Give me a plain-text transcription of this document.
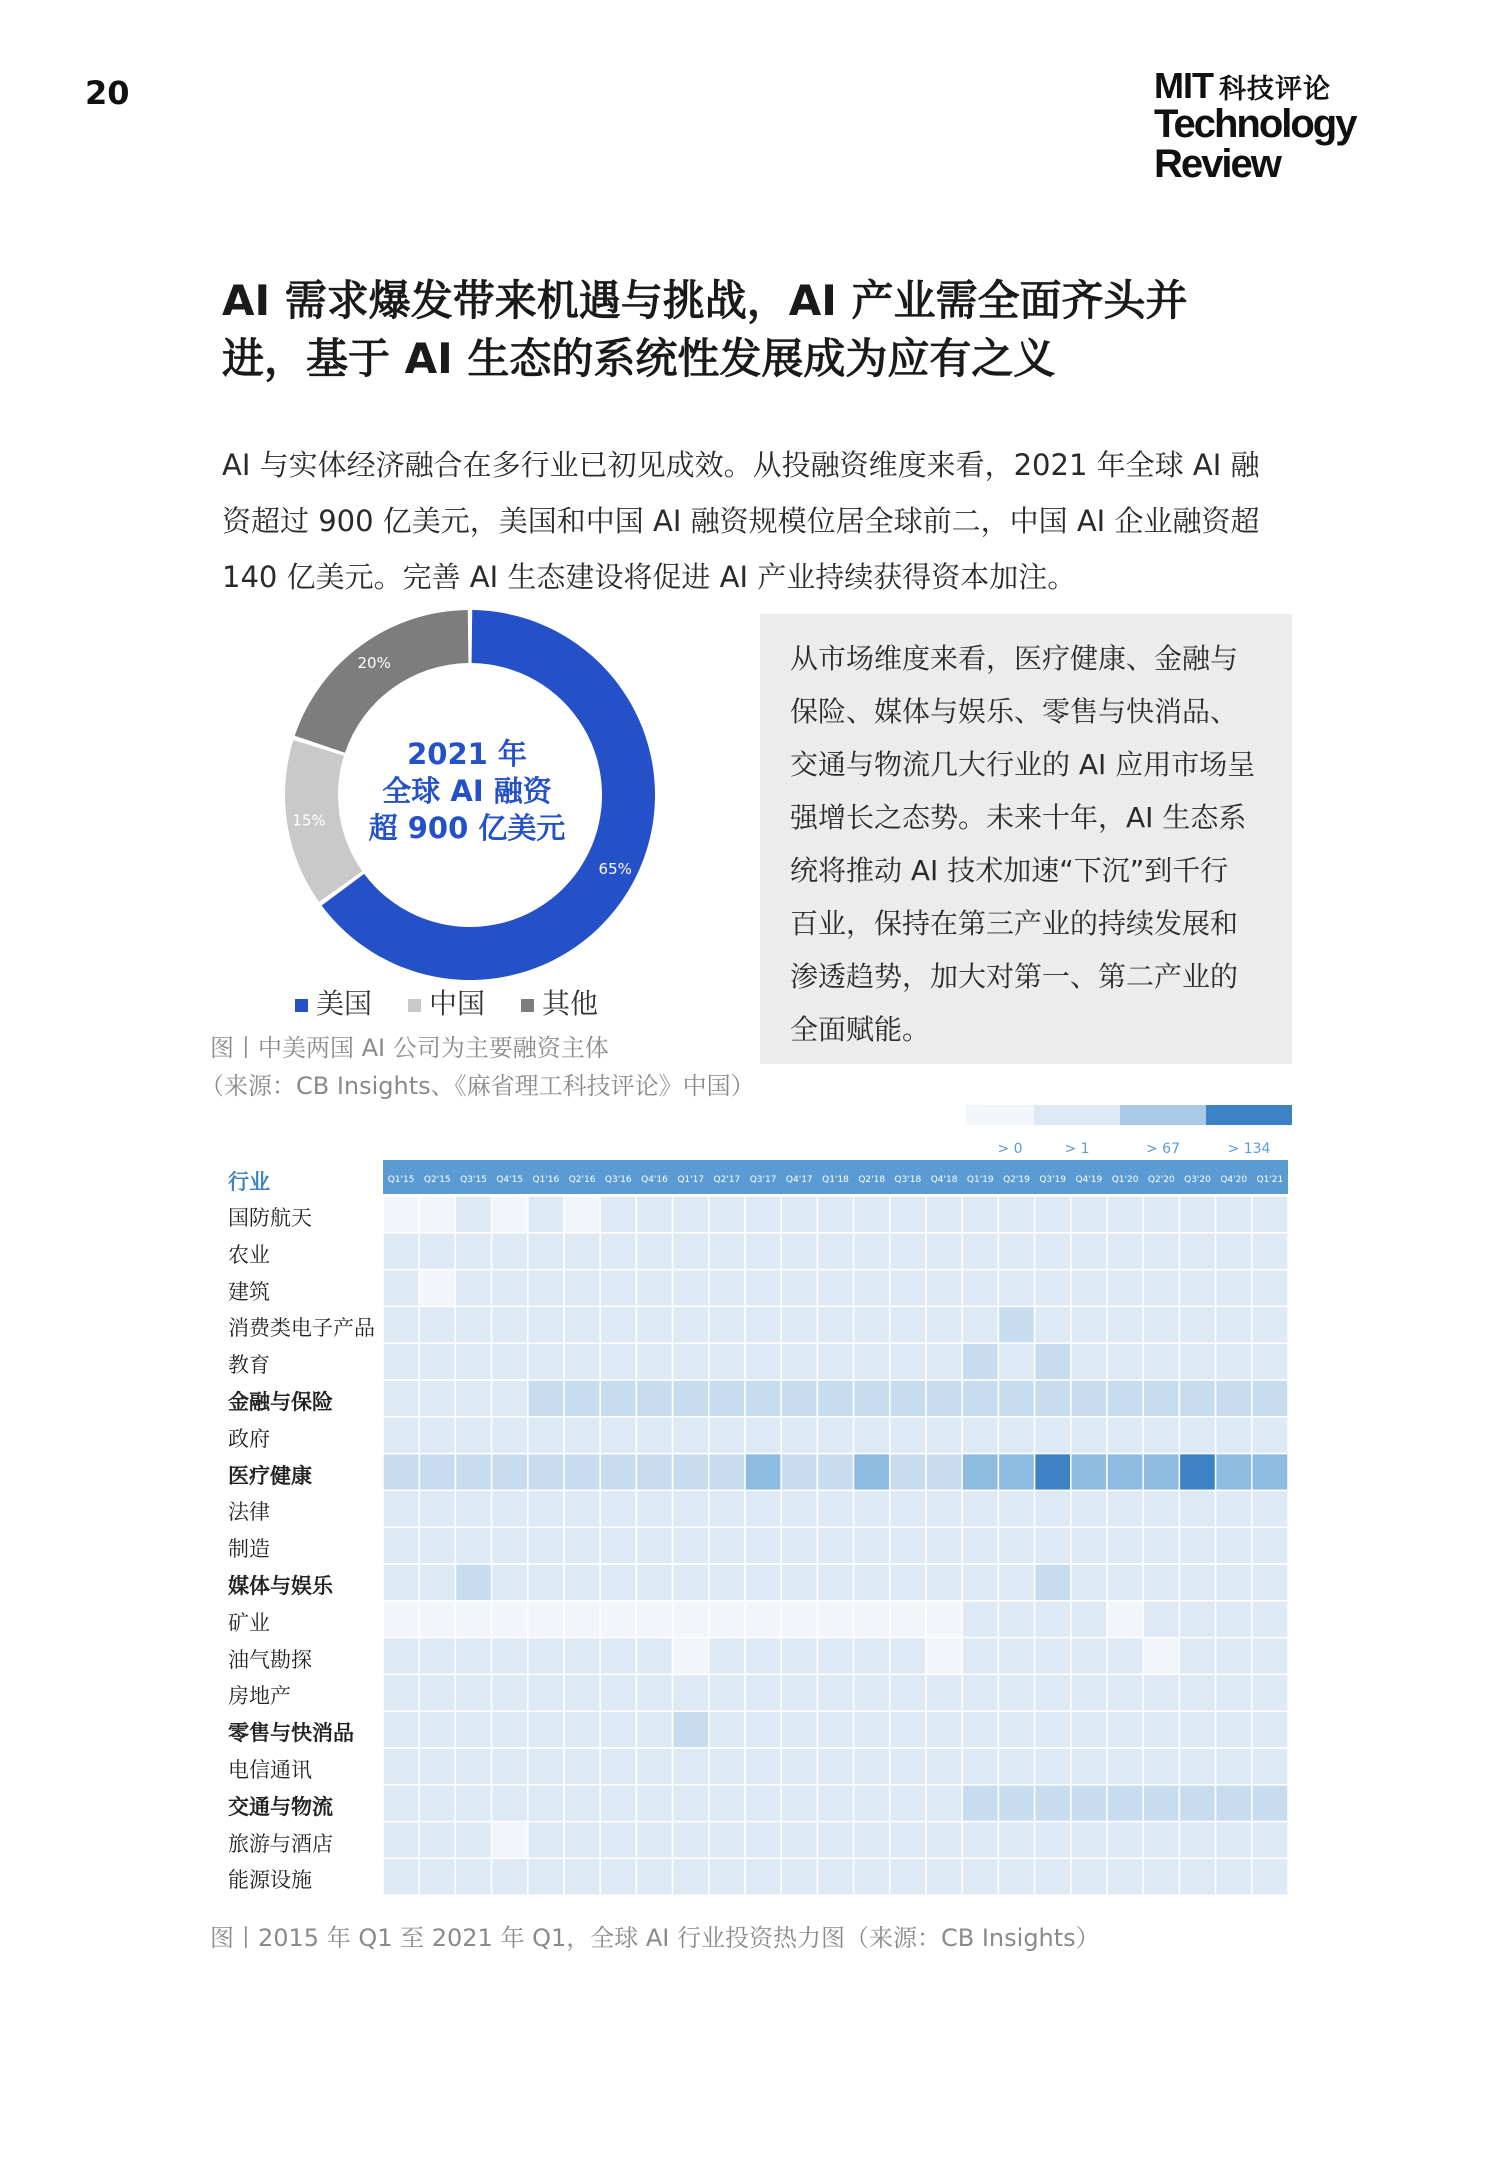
20	MIT 科技评论
Technology
Review
AI 需求爆发带来机遇与挑战，AI 产业需全面齐头并
进，基于 AI 生态的系统性发展成为应有之义
AI 与实体经济融合在多行业已初见成效。从投融资维度来看，2021 年全球 AI 融
资超过 900 亿美元，美国和中国 AI 融资规模位居全球前二，中国 AI 企业融资超
140 亿美元。完善 AI 生态建设将促进 AI 产业持续获得资本加注。
从市场维度来看，医疗健康、金融与
保险、媒体与娱乐、零售与快消品、
交通与物流几大行业的 AI 应用市场呈
强增长之态势。未来十年，AI 生态系
统将推动 AI 技术加速“下沉”到千行
百业，保持在第三产业的持续发展和
渗透趋势，加大对第一、第二产业的
全面赋能。
65%
15%
20%
2021 年
全球 AI 融资
超 900 亿美元
美国 中国 其他
图丨中美两国 AI 公司为主要融资主体
（来源：CB Insights、《麻省理工科技评论》中国）
> 0	> 1	> 67	> 134
Q1'15 Q2'15 Q3'15 Q4'15 Q1'16 Q2'16 Q3'16 Q4'16 Q1'17 Q2'17 Q3'17 Q4'17 Q1'18 Q2'18 Q3'18 Q4'18 Q1'19 Q2'19 Q3'19 Q4'19 Q1'20 Q2'20 Q3'20 Q4'20 Q1'21
行业
国防航天
农业
建筑
消费类电子产品
教育
金融与保险
政府
医疗健康
法律
制造
媒体与娱乐
矿业
油气勘探
房地产
零售与快消品
电信通讯
交通与物流
旅游与酒店
能源设施
图丨2015 年 Q1 至 2021 年 Q1，全球 AI 行业投资热力图（来源：CB Insights）
